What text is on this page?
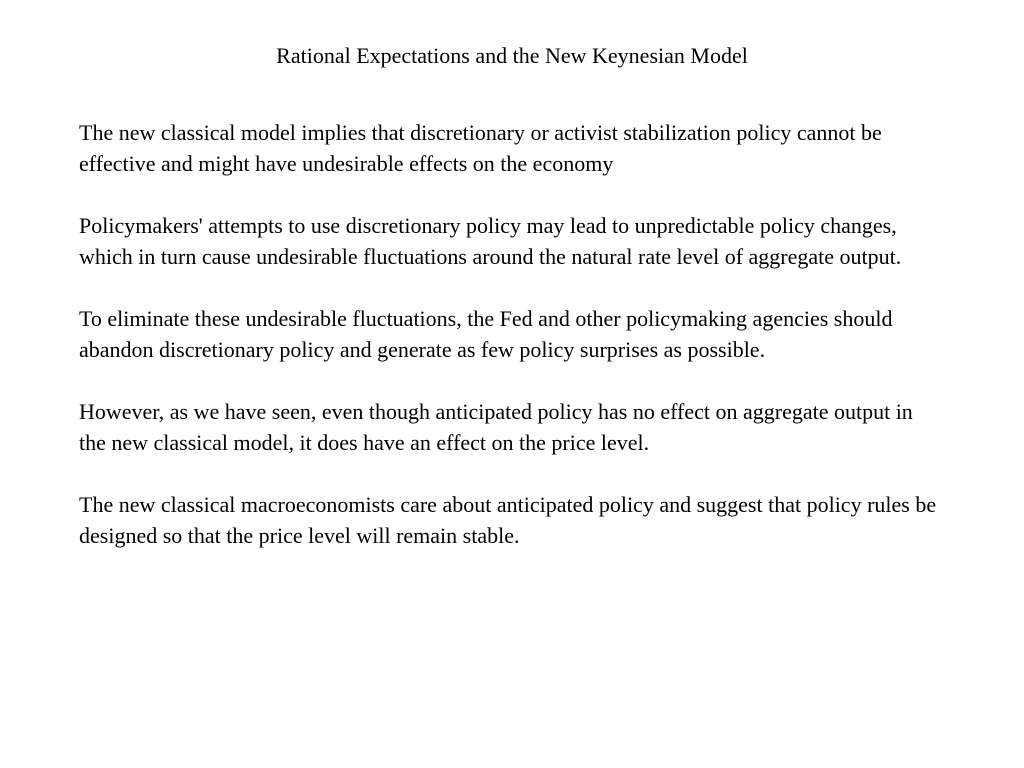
Rational Expectations and the New Keynesian Model

The new classical model implies that discretionary or activist stabilization policy cannot be effective and might have undesirable effects on the economy

Policymakers' attempts to use discretionary policy may lead to unpredictable policy changes, which in turn cause undesirable fluctuations around the natural rate level of aggregate output.

To eliminate these undesirable fluctuations, the Fed and other policymaking agencies should abandon discretionary policy and generate as few policy surprises as possible.

However, as we have seen, even though anticipated policy has no effect on aggregate output in the new classical model, it does have an effect on the price level.

The new classical macroeconomists care about anticipated policy and suggest that policy rules be designed so that the price level will remain stable.
